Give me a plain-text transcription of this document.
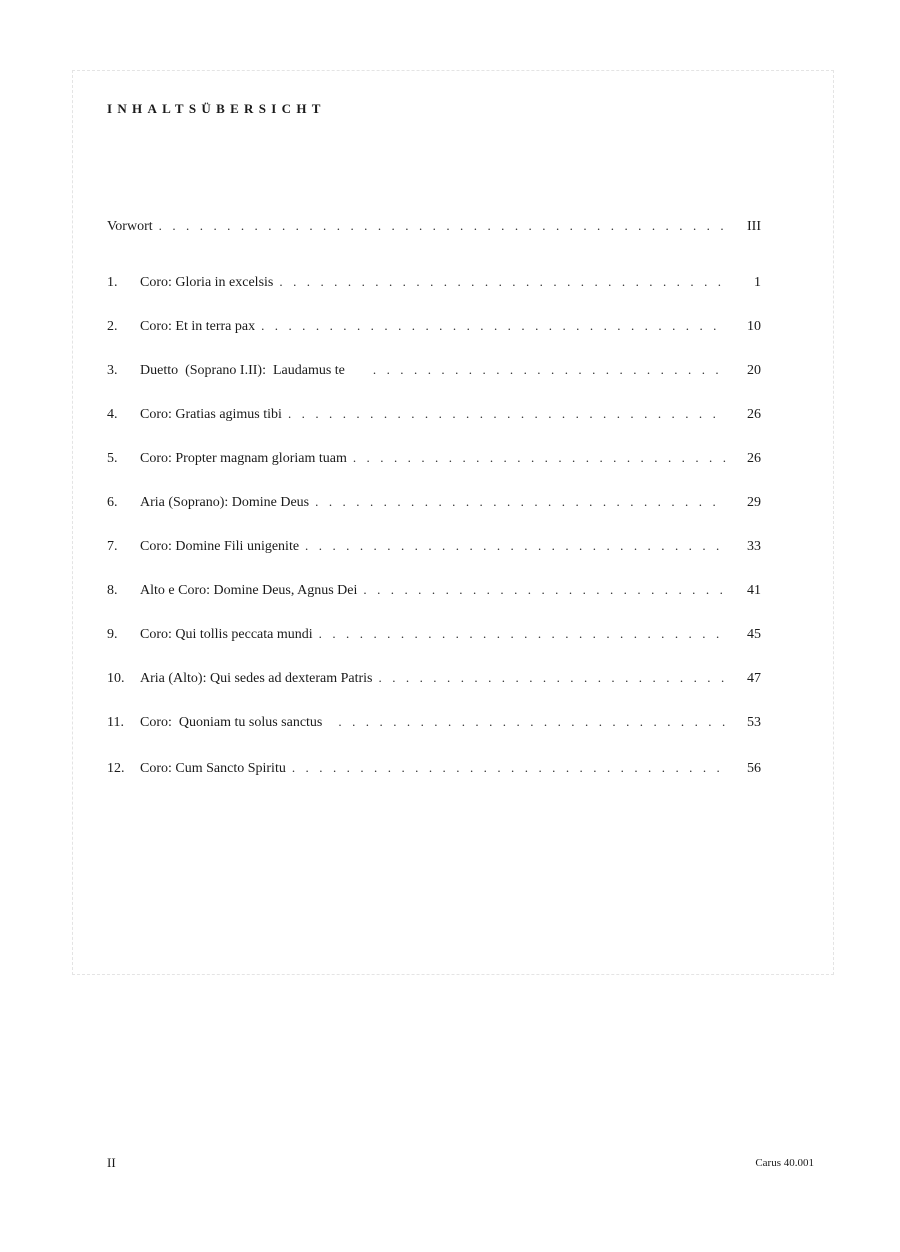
INHALTSÜBERSICHT
Vorwort . . .	III
1.	Coro: Gloria in excelsis . . .	1
2.	Coro: Et in terra pax . . .	10
3.	Duetto  (Soprano I.II):  Laudamus te . . .	20
4.	Coro: Gratias agimus tibi . . .	26
5.	Coro: Propter magnam gloriam tuam . . .	26
6.	Aria (Soprano): Domine Deus . . .	29
7.	Coro: Domine Fili unigenite . . .	33
8.	Alto e Coro: Domine Deus, Agnus Dei . . .	41
9.	Coro: Qui tollis peccata mundi . . .	45
10.	Aria (Alto): Qui sedes ad dexteram Patris . . .	47
11.	Coro:  Quoniam tu solus sanctus . . .	53
12.	Coro: Cum Sancto Spiritu . . .	56
II	Carus 40.001
